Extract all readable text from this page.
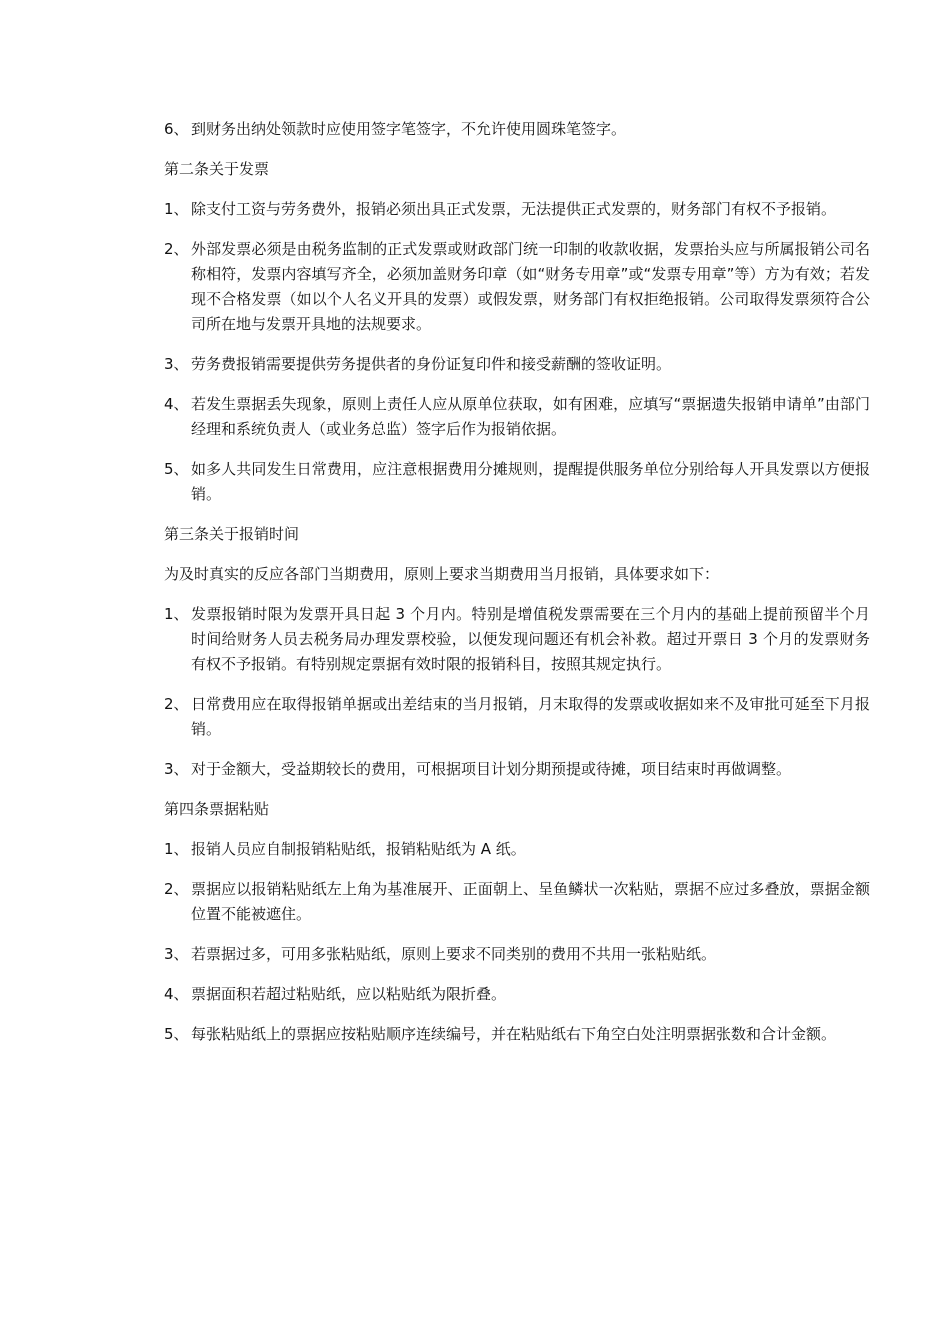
6、 到财务出纳处领款时应使用签字笔签字，不允许使用圆珠笔签字。
第二条关于发票
1、 除支付工资与劳务费外，报销必须出具正式发票，无法提供正式发票的，财务部门有权不予报销。
2、 外部发票必须是由税务监制的正式发票或财政部门统一印制的收款收据，发票抬头应与所属报销公司名称相符，发票内容填写齐全，必须加盖财务印章（如“财务专用章”或“发票专用章”等）方为有效；若发现不合格发票（如以个人名义开具的发票）或假发票，财务部门有权拒绝报销。公司取得发票须符合公司所在地与发票开具地的法规要求。
3、 劳务费报销需要提供劳务提供者的身份证复印件和接受薪酬的签收证明。
4、 若发生票据丢失现象，原则上责任人应从原单位获取，如有困难，应填写“票据遗失报销申请单”由部门经理和系统负责人（或业务总监）签字后作为报销依据。
5、 如多人共同发生日常费用，应注意根据费用分摊规则，提醒提供服务单位分别给每人开具发票以方便报销。
第三条关于报销时间
为及时真实的反应各部门当期费用，原则上要求当期费用当月报销，具体要求如下：
1、 发票报销时限为发票开具日起 3 个月内。特别是增值税发票需要在三个月内的基础上提前预留半个月时间给财务人员去税务局办理发票校验，以便发现问题还有机会补救。超过开票日 3 个月的发票财务有权不予报销。有特别规定票据有效时限的报销科目，按照其规定执行。
2、 日常费用应在取得报销单据或出差结束的当月报销，月末取得的发票或收据如来不及审批可延至下月报销。
3、 对于金额大，受益期较长的费用，可根据项目计划分期预提或待摊，项目结束时再做调整。
第四条票据粘贴
1、 报销人员应自制报销粘贴纸，报销粘贴纸为 A 纸。
2、 票据应以报销粘贴纸左上角为基准展开、正面朝上、呈鱼鳞状一次粘贴，票据不应过多叠放，票据金额位置不能被遮住。
3、 若票据过多，可用多张粘贴纸，原则上要求不同类别的费用不共用一张粘贴纸。
4、 票据面积若超过粘贴纸，应以粘贴纸为限折叠。
5、 每张粘贴纸上的票据应按粘贴顺序连续编号，并在粘贴纸右下角空白处注明票据张数和合计金额。
